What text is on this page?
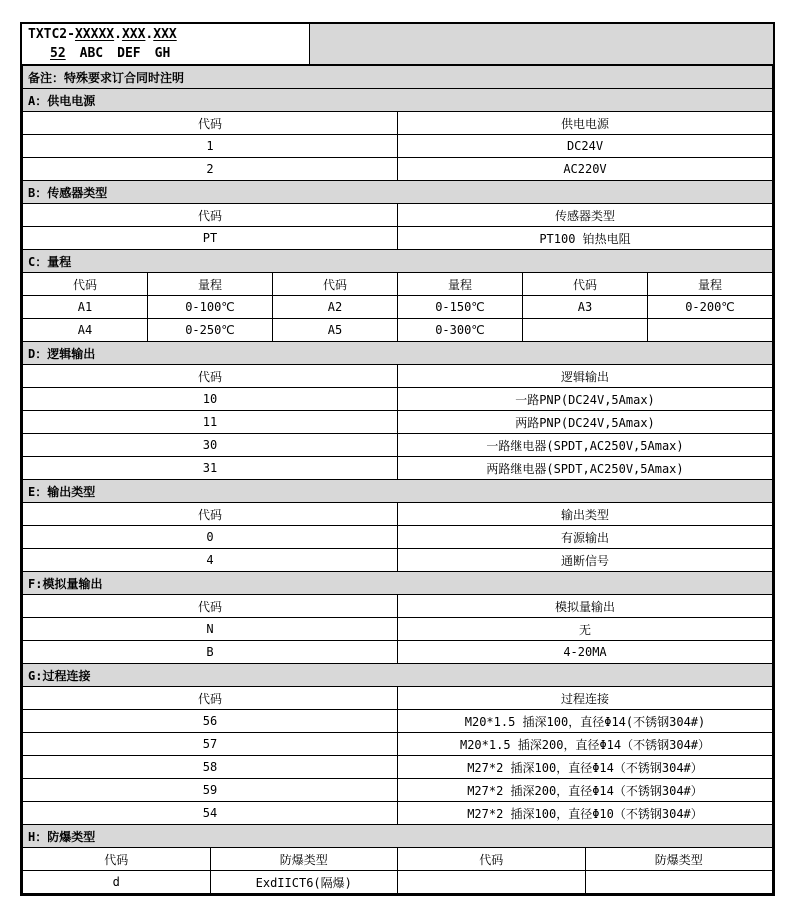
TXTC2-XXXXX.XXX.XXX
52 ABC DEF GH
备注：特殊要求订合同时注明							
A：供电电源							
代码				供电电源			
1				DC24V			
2				AC220V			
B：传感器类型							
代码				传感器类型			
PT				PT100 铂热电阻			
C：量程							
代码	量程		代码	量程	代码		量程
A1	0-100℃		A2	0-150℃	A3		0-200℃
A4	0-250℃		A5	0-300℃			
D：逻辑输出							
代码				逻辑输出			
10				一路PNP(DC24V,5Amax)			
11				两路PNP(DC24V,5Amax)			
30				一路继电器(SPDT,AC250V,5Amax)			
31				两路继电器(SPDT,AC250V,5Amax)			
E：输出类型							
代码				输出类型			
0				有源输出			
4				通断信号			
F:模拟量输出							
代码				模拟量输出			
N				无			
B				4-20MA			
G:过程连接							
代码				过程连接			
56				M20*1.5 插深100，直径Φ14(不锈钢304#)			
57				M20*1.5 插深200，直径Φ14（不锈钢304#）			
58				M27*2 插深100，直径Φ14（不锈钢304#）			
59				M27*2 插深200，直径Φ14（不锈钢304#）			
54				M27*2 插深100，直径Φ10（不锈钢304#）			
H：防爆类型							
代码		防爆类型		代码		防爆类型	
d		ExdIICT6(隔爆)					
